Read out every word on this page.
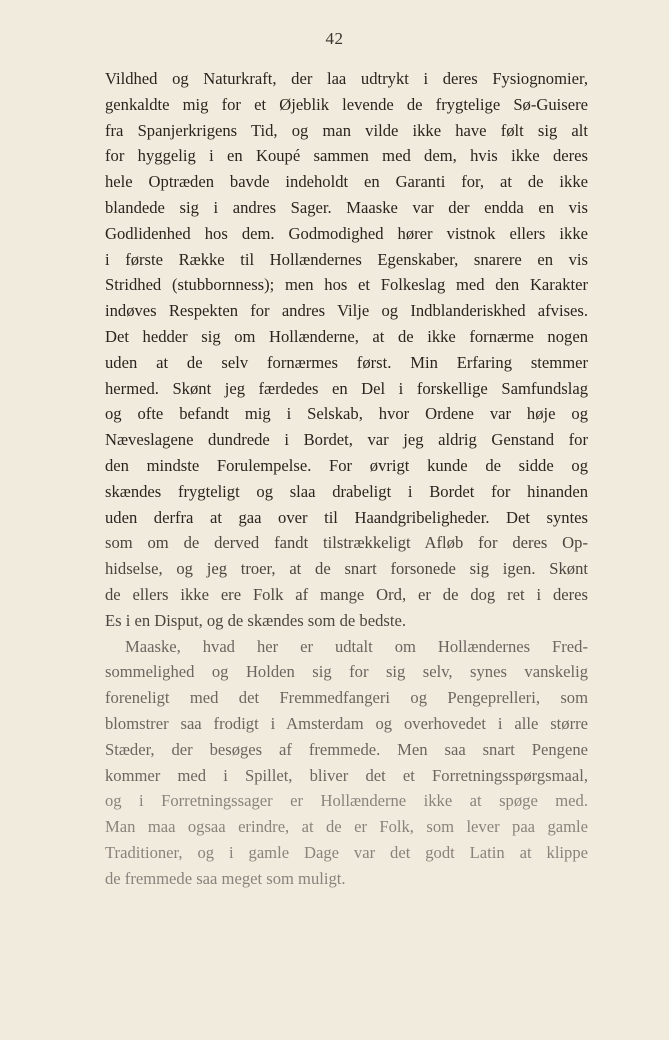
42
Vildhed og Naturkraft, der laa udtrykt i deres Fysiognomier,
genkaldte mig for et Øjeblik levende de frygtelige Sø-Guisere
fra Spanjerkrigens Tid, og man vilde ikke have følt sig alt
for hyggelig i en Koupé sammen med dem, hvis ikke deres
hele Optræden bavde indeholdt en Garanti for, at de ikke
blandede sig i andres Sager. Maaske var der endda en vis
Godlidenhed hos dem. Godmodighed hører vistnok ellers ikke
i første Række til Hollændernes Egenskaber, snarere en vis
Stridhed (stubbornness); men hos et Folkeslag med den Karakter
indøves Respekten for andres Vilje og Indblanderiskhed afvises.
Det hedder sig om Hollænderne, at de ikke fornærme nogen
uden at de selv fornærmes først. Min Erfaring stemmer
hermed. Skønt jeg færdedes en Del i forskellige Samfundslag
og ofte befandt mig i Selskab, hvor Ordene var høje og
Næveslagene dundrede i Bordet, var jeg aldrig Genstand for
den mindste Forulempelse. For øvrigt kunde de sidde og
skændes frygteligt og slaa drabeligt i Bordet for hinanden
uden derfra at gaa over til Haandgribeligheder. Det syntes
som om de derved fandt tilstrækkeligt Afløb for deres Op-
hidselse, og jeg troer, at de snart forsonede sig igen. Skønt
de ellers ikke ere Folk af mange Ord, er de dog ret i deres
Es i en Disput, og de skændes som de bedste.
Maaske, hvad her er udtalt om Hollændernes Fred-
sommelighed og Holden sig for sig selv, synes vanskelig
foreneligt med det Fremmedfangeri og Pengeprelleri, som
blomstrer saa frodigt i Amsterdam og overhovedet i alle større
Stæder, der besøges af fremmede. Men saa snart Pengene
kommer med i Spillet, bliver det et Forretningsspørgsmaal,
og i Forretningssager er Hollænderne ikke at spøge med.
Man maa ogsaa erindre, at de er Folk, som lever paa gamle
Traditioner, og i gamle Dage var det godt Latin at klippe
de fremmede saa meget som muligt.
